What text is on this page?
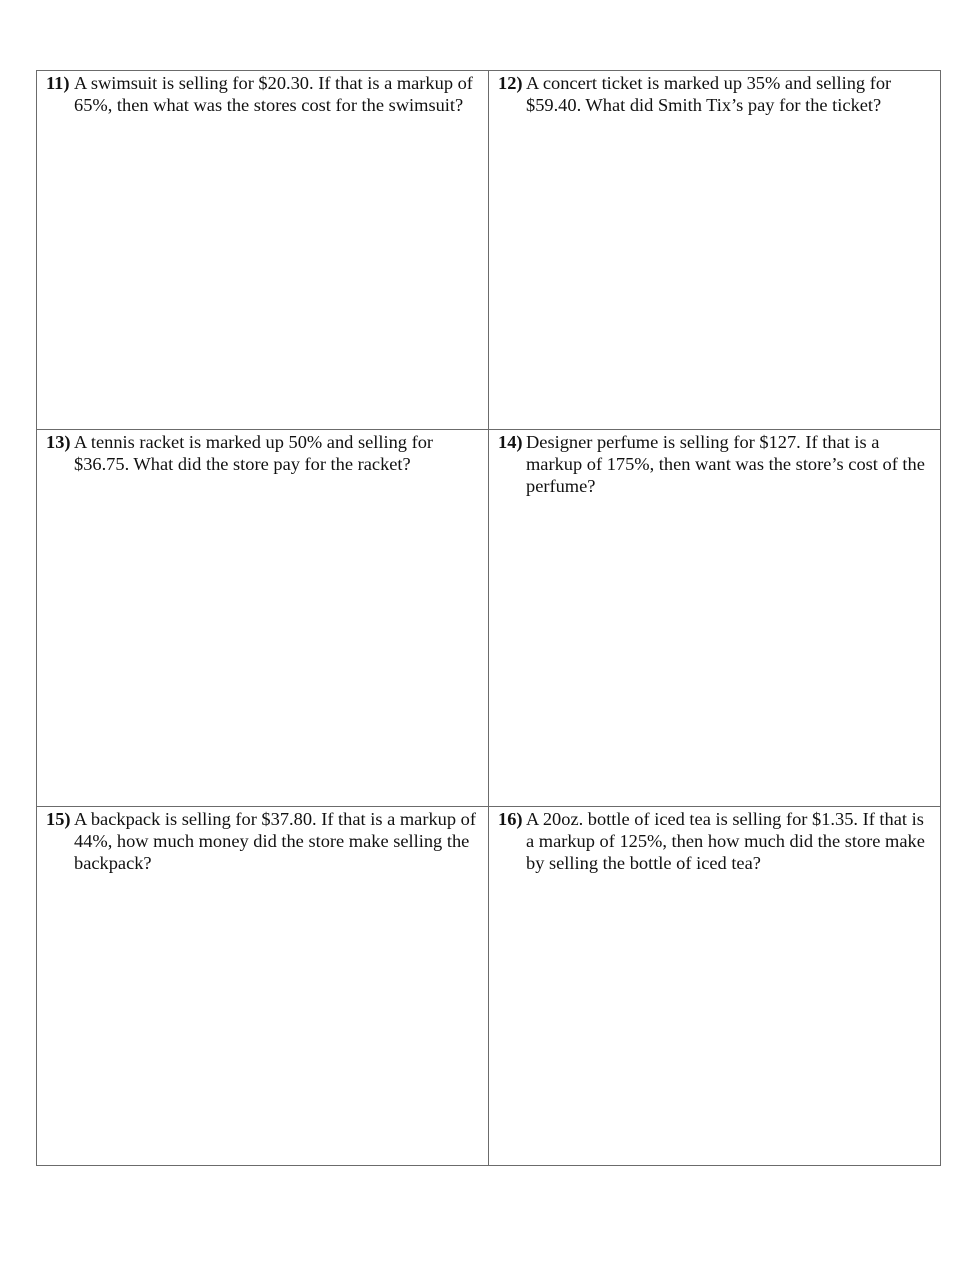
11) A swimsuit is selling for $20.30. If that is a markup of 65%, then what was the stores cost for the swimsuit?
12) A concert ticket is marked up 35% and selling for $59.40. What did Smith Tix’s pay for the ticket?
13) A tennis racket is marked up 50% and selling for $36.75. What did the store pay for the racket?
14) Designer perfume is selling for $127. If that is a markup of 175%, then want was the store’s cost of the perfume?
15) A backpack is selling for $37.80. If that is a markup of 44%, how much money did the store make selling the backpack?
16) A 20oz. bottle of iced tea is selling for $1.35. If that is a markup of 125%, then how much did the store make by selling the bottle of iced tea?
